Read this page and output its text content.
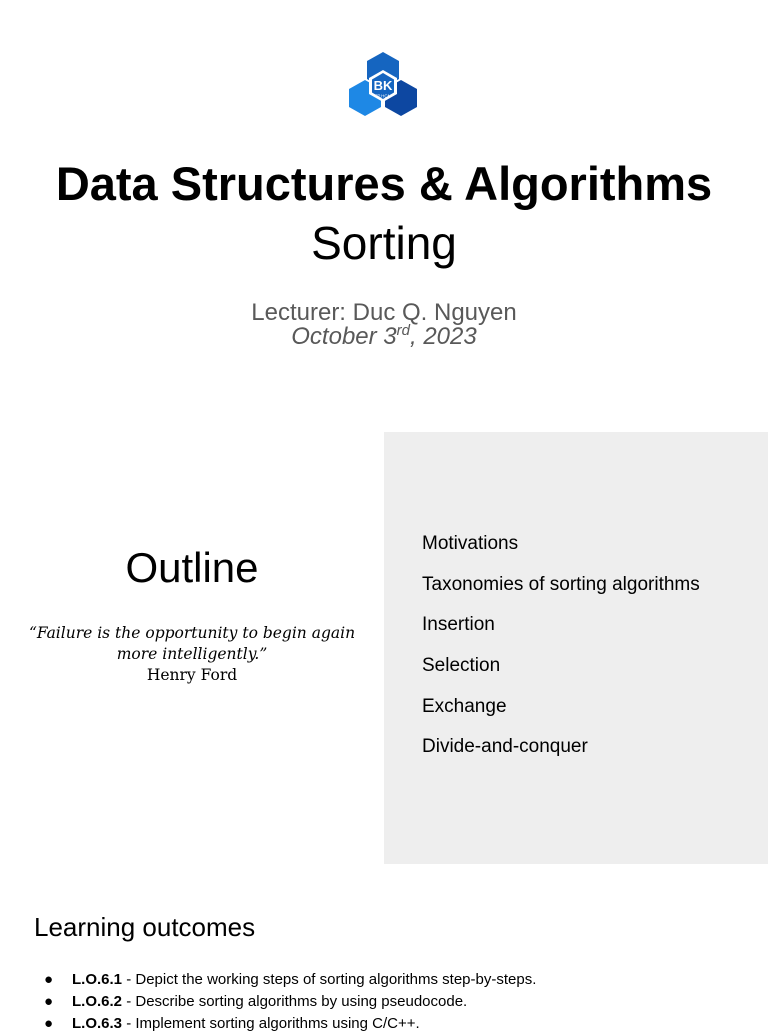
BK
TP.HCM
Data Structures & Algorithms
Sorting
Lecturer: Duc Q. Nguyen
October 3rd, 2023
Outline
“Failure is the opportunity to begin again
more intelligently.”
Henry Ford
Motivations
Taxonomies of sorting algorithms
Insertion
Selection
Exchange
Divide-and-conquer
Learning outcomes
● L.O.6.1 - Depict the working steps of sorting algorithms step-by-steps.
● L.O.6.2 - Describe sorting algorithms by using pseudocode.
● L.O.6.3 - Implement sorting algorithms using C/C++.
